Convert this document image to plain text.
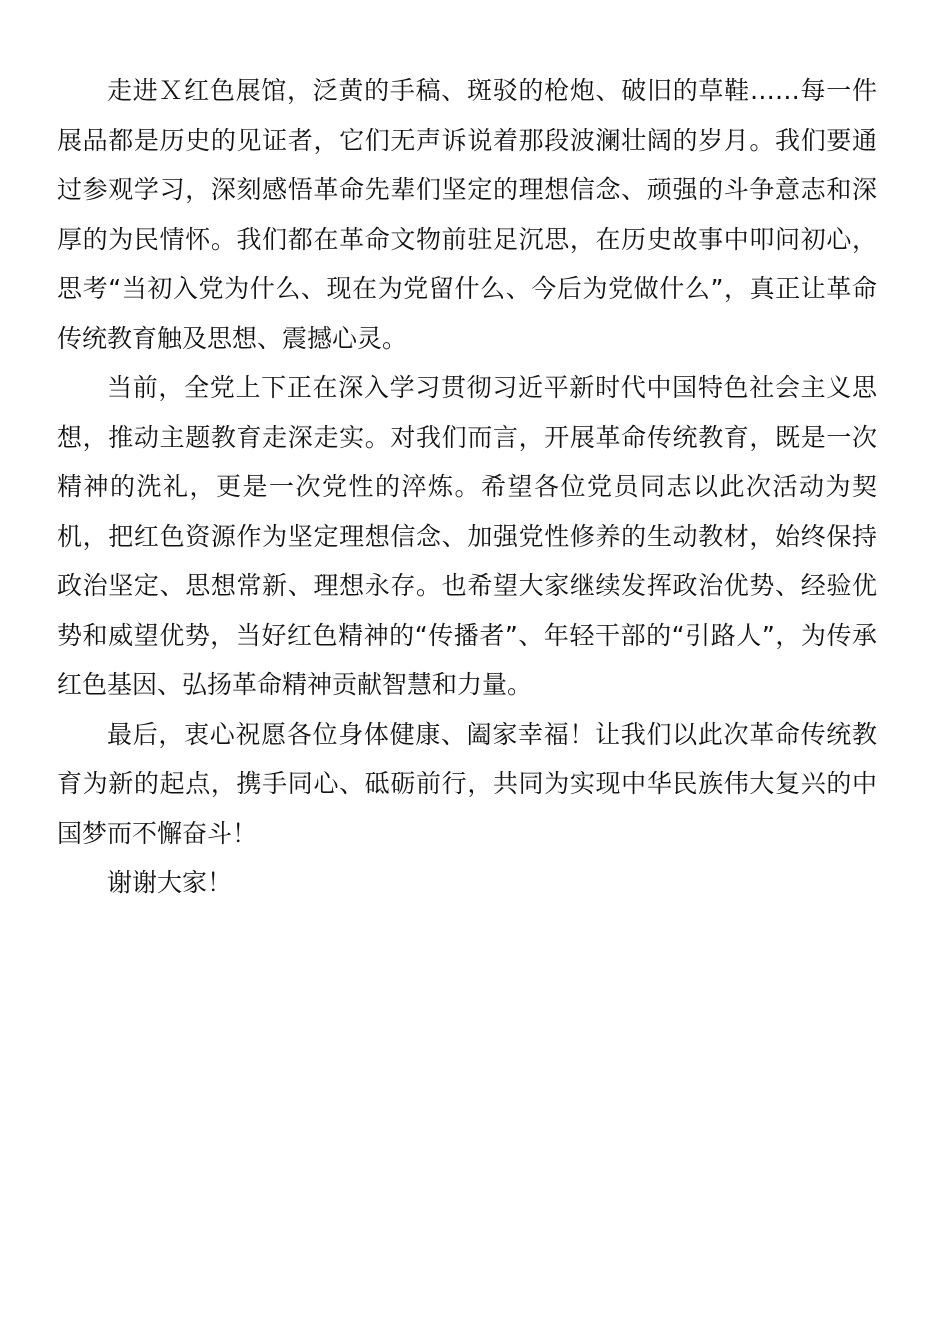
走进Ｘ红色展馆，泛黄的手稿、斑驳的枪炮、破旧的草鞋……每一件展品都是历史的见证者，它们无声诉说着那段波澜壮阔的岁月。我们要通过参观学习，深刻感悟革命先辈们坚定的理想信念、顽强的斗争意志和深厚的为民情怀。我们都在革命文物前驻足沉思，在历史故事中叩问初心，思考“当初入党为什么、现在为党留什么、今后为党做什么”，真正让革命传统教育触及思想、震撼心灵。

当前，全党上下正在深入学习贯彻习近平新时代中国特色社会主义思想，推动主题教育走深走实。对我们而言，开展革命传统教育，既是一次精神的洗礼，更是一次党性的淬炼。希望各位党员同志以此次活动为契机，把红色资源作为坚定理想信念、加强党性修养的生动教材，始终保持政治坚定、思想常新、理想永存。也希望大家继续发挥政治优势、经验优势和威望优势，当好红色精神的“传播者”、年轻干部的“引路人”，为传承红色基因、弘扬革命精神贡献智慧和力量。

最后，衷心祝愿各位身体健康、阖家幸福！让我们以此次革命传统教育为新的起点，携手同心、砥砺前行，共同为实现中华民族伟大复兴的中国梦而不懈奋斗！

谢谢大家！
